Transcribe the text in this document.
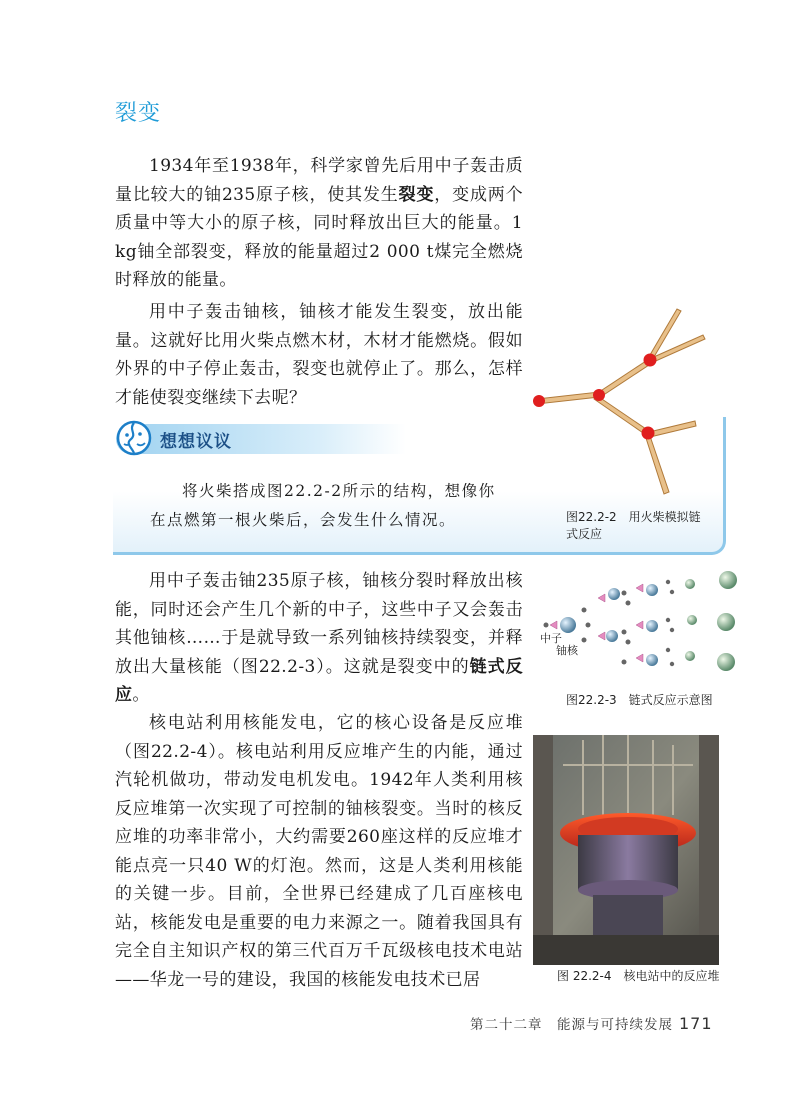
裂变
1934年至1938年，科学家曾先后用中子轰击质量比较大的铀235原子核，使其发生裂变，变成两个质量中等大小的原子核，同时释放出巨大的能量。1 kg铀全部裂变，释放的能量超过2 000 t煤完全燃烧时释放的能量。
用中子轰击铀核，铀核才能发生裂变，放出能量。这就好比用火柴点燃木材，木材才能燃烧。假如外界的中子停止轰击，裂变也就停止了。那么，怎样才能使裂变继续下去呢？
想想议议
将火柴搭成图22.2-2所示的结构，想像你在点燃第一根火柴后，会发生什么情况。	图22.2-2　用火柴模拟链式反应
用中子轰击铀235原子核，铀核分裂时释放出核能，同时还会产生几个新的中子，这些中子又会轰击其他铀核……于是就导致一系列铀核持续裂变，并释放出大量核能（图22.2-3）。这就是裂变中的链式反应。
中子
铀核
图22.2-3　链式反应示意图
核电站利用核能发电，它的核心设备是反应堆（图22.2-4）。核电站利用反应堆产生的内能，通过汽轮机做功，带动发电机发电。1942年人类利用核反应堆第一次实现了可控制的铀核裂变。当时的核反应堆的功率非常小，大约需要260座这样的反应堆才能点亮一只40 W的灯泡。然而，这是人类利用核能的关键一步。目前，全世界已经建成了几百座核电站，核能发电是重要的电力来源之一。随着我国具有完全自主知识产权的第三代百万千瓦级核电技术电站——华龙一号的建设，我国的核能发电技术已居	图 22.2-4　核电站中的反应堆
第二十二章　能源与可持续发展 171
